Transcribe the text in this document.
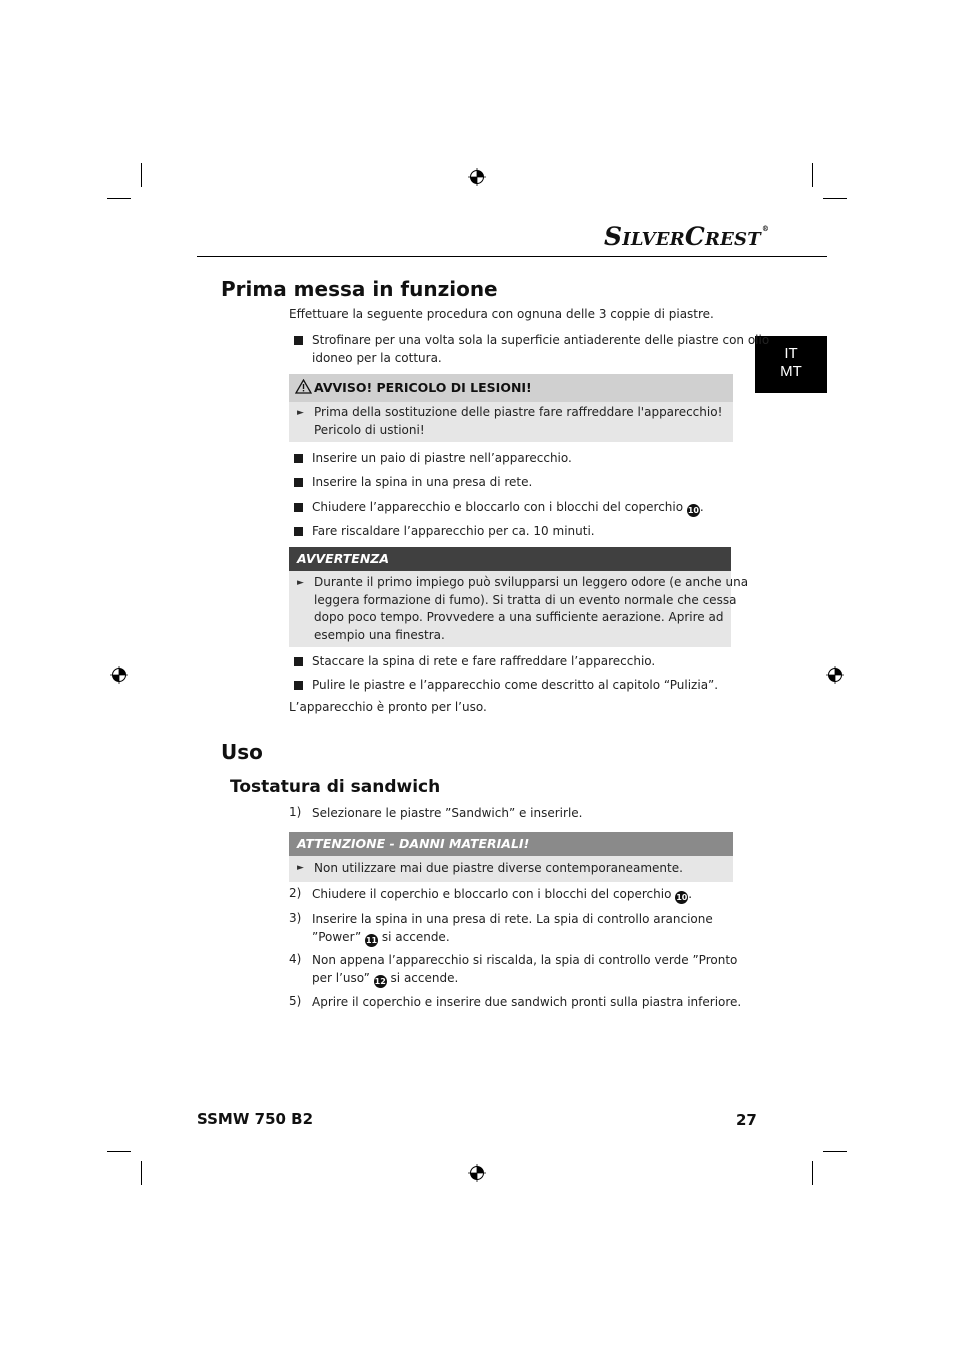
SILVERCREST®
IT
MT
Prima messa in funzione
Effettuare la seguente procedura con ognuna delle 3 coppie di piastre.
Strofinare per una volta sola la superficie antiaderente delle piastre con olio
idoneo per la cottura.
AVVISO! PERICOLO DI LESIONI!
► Prima della sostituzione delle piastre fare raffreddare l'apparecchio!
Pericolo di ustioni!
Inserire un paio di piastre nell’apparecchio.
Inserire la spina in una presa di rete.
Chiudere l’apparecchio e bloccarlo con i blocchi del coperchio 10.
Fare riscaldare l’apparecchio per ca. 10 minuti.
AVVERTENZA
► Durante il primo impiego può svilupparsi un leggero odore (e anche una
leggera formazione di fumo). Si tratta di un evento normale che cessa
dopo poco tempo. Provvedere a una sufficiente aerazione. Aprire ad
esempio una finestra.
Staccare la spina di rete e fare raffreddare l’apparecchio.
Pulire le piastre e l’apparecchio come descritto al capitolo “Pulizia”.
L’apparecchio è pronto per l’uso.
Uso
Tostatura di sandwich
1) Selezionare le piastre ”Sandwich” e inserirle.
ATTENZIONE - DANNI MATERIALI!
► Non utilizzare mai due piastre diverse contemporaneamente.
2) Chiudere il coperchio e bloccarlo con i blocchi del coperchio 10.
3) Inserire la spina in una presa di rete. La spia di controllo arancione
”Power” 11 si accende.
4) Non appena l’apparecchio si riscalda, la spia di controllo verde ”Pronto
per l’uso” 12 si accende.
5) Aprire il coperchio e inserire due sandwich pronti sulla piastra inferiore.
SSMW 750 B2	27
